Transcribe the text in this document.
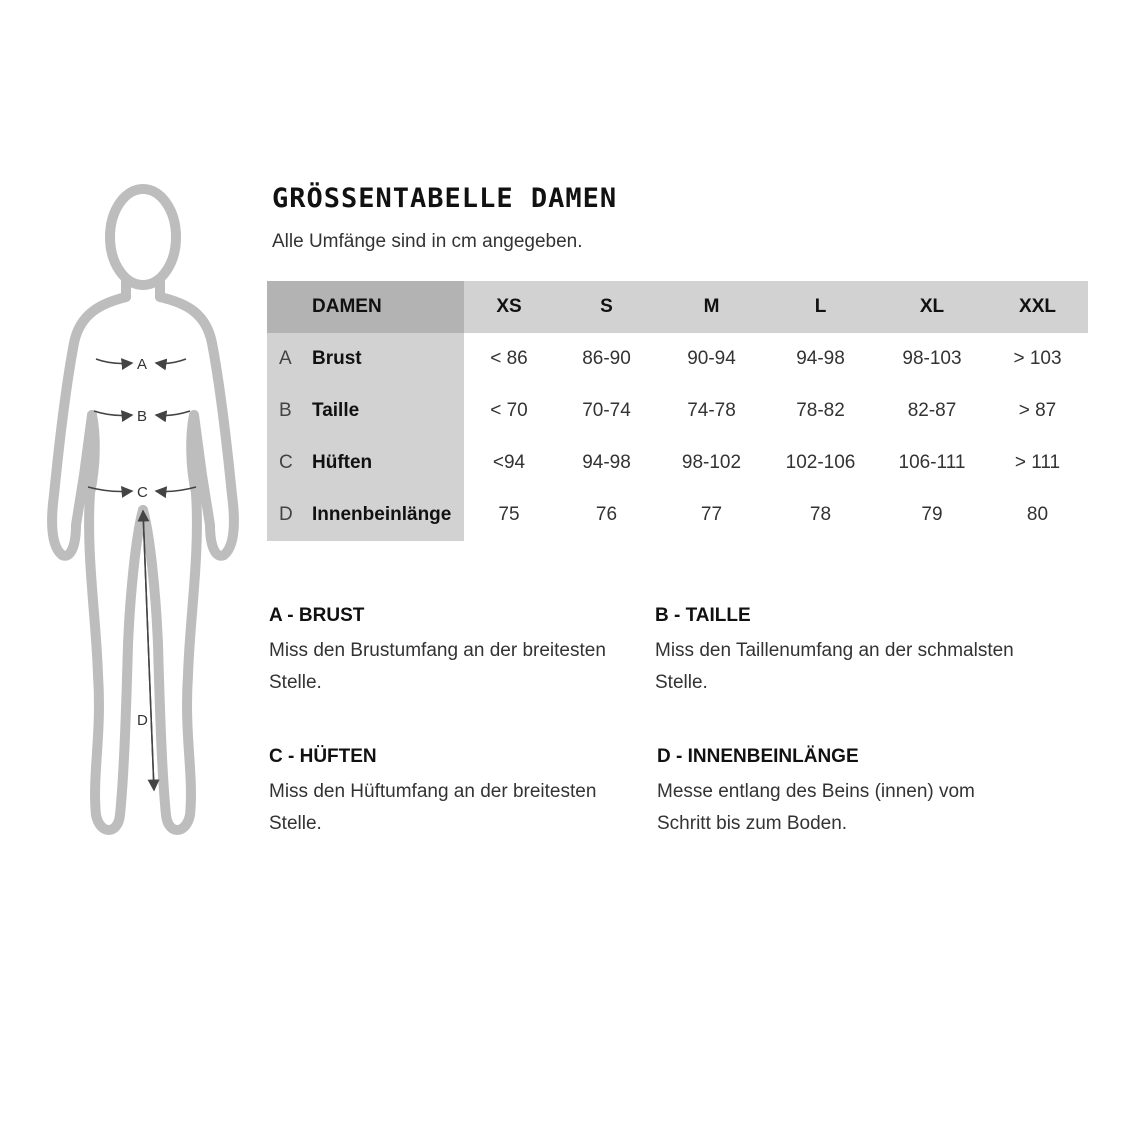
A
B
C
D
GRÖSSENTABELLE DAMEN

Alle Umfänge sind in cm angegeben.

DAMEN	XS	S	M	L	XL	XXL
A Brust	< 86	86-90	90-94	94-98	98-103	> 103
B Taille	< 70	70-74	74-78	78-82	82-87	> 87
C Hüften	<94	94-98	98-102	102-106	106-111	> 111
D Innenbeinlänge	75	76	77	78	79	80
A - BRUST

Miss den Brustumfang an der breitesten Stelle.

B - TAILLE

Miss den Taillenumfang an der schmalsten Stelle.

C - HÜFTEN

Miss den Hüftumfang an der breitesten Stelle.

D - INNENBEINLÄNGE

Messe entlang des Beins (innen) vom Schritt bis zum Boden.
